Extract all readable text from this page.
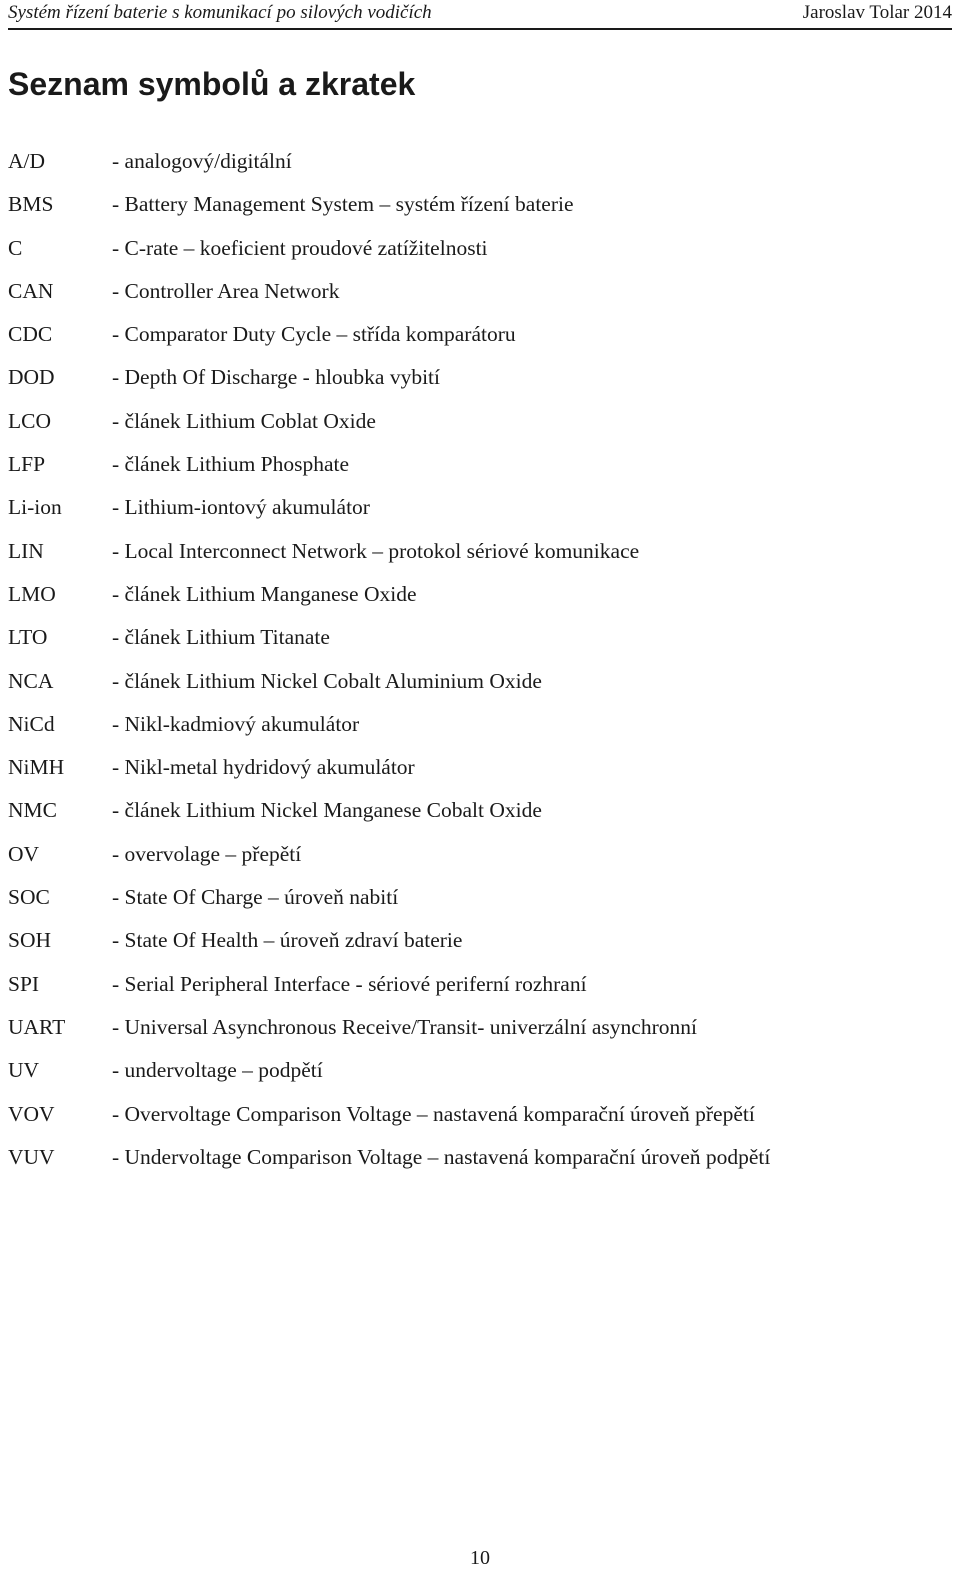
Systém řízení baterie s komunikací po silových vodičích	Jaroslav Tolar 2014
Seznam symbolů a zkratek
A/D	- analogový/digitální
BMS	- Battery Management System – systém řízení baterie
C	- C-rate – koeficient proudové zatížitelnosti
CAN	- Controller Area Network
CDC	- Comparator Duty Cycle – střída komparátoru
DOD	- Depth Of Discharge - hloubka vybití
LCO	- článek Lithium Coblat Oxide
LFP	- článek Lithium Phosphate
Li-ion - Lithium-iontový akumulátor
LIN	- Local Interconnect Network – protokol sériové komunikace
LMO	- článek Lithium Manganese Oxide
LTO	- článek Lithium Titanate
NCA	- článek Lithium Nickel Cobalt Aluminium Oxide
NiCd	- Nikl-kadmiový akumulátor
NiMH - Nikl-metal hydridový akumulátor
NMC	- článek Lithium Nickel Manganese Cobalt Oxide
OV	- overvolage – přepětí
SOC	- State Of Charge – úroveň nabití
SOH	- State Of Health – úroveň zdraví baterie
SPI	- Serial Peripheral Interface - sériové periferní rozhraní
UART - Universal Asynchronous Receive/Transit- univerzální asynchronní
UV	- undervoltage – podpětí
VOV	- Overvoltage Comparison Voltage – nastavená komparační úroveň přepětí
VUV	- Undervoltage Comparison Voltage – nastavená komparační úroveň podpětí
10
